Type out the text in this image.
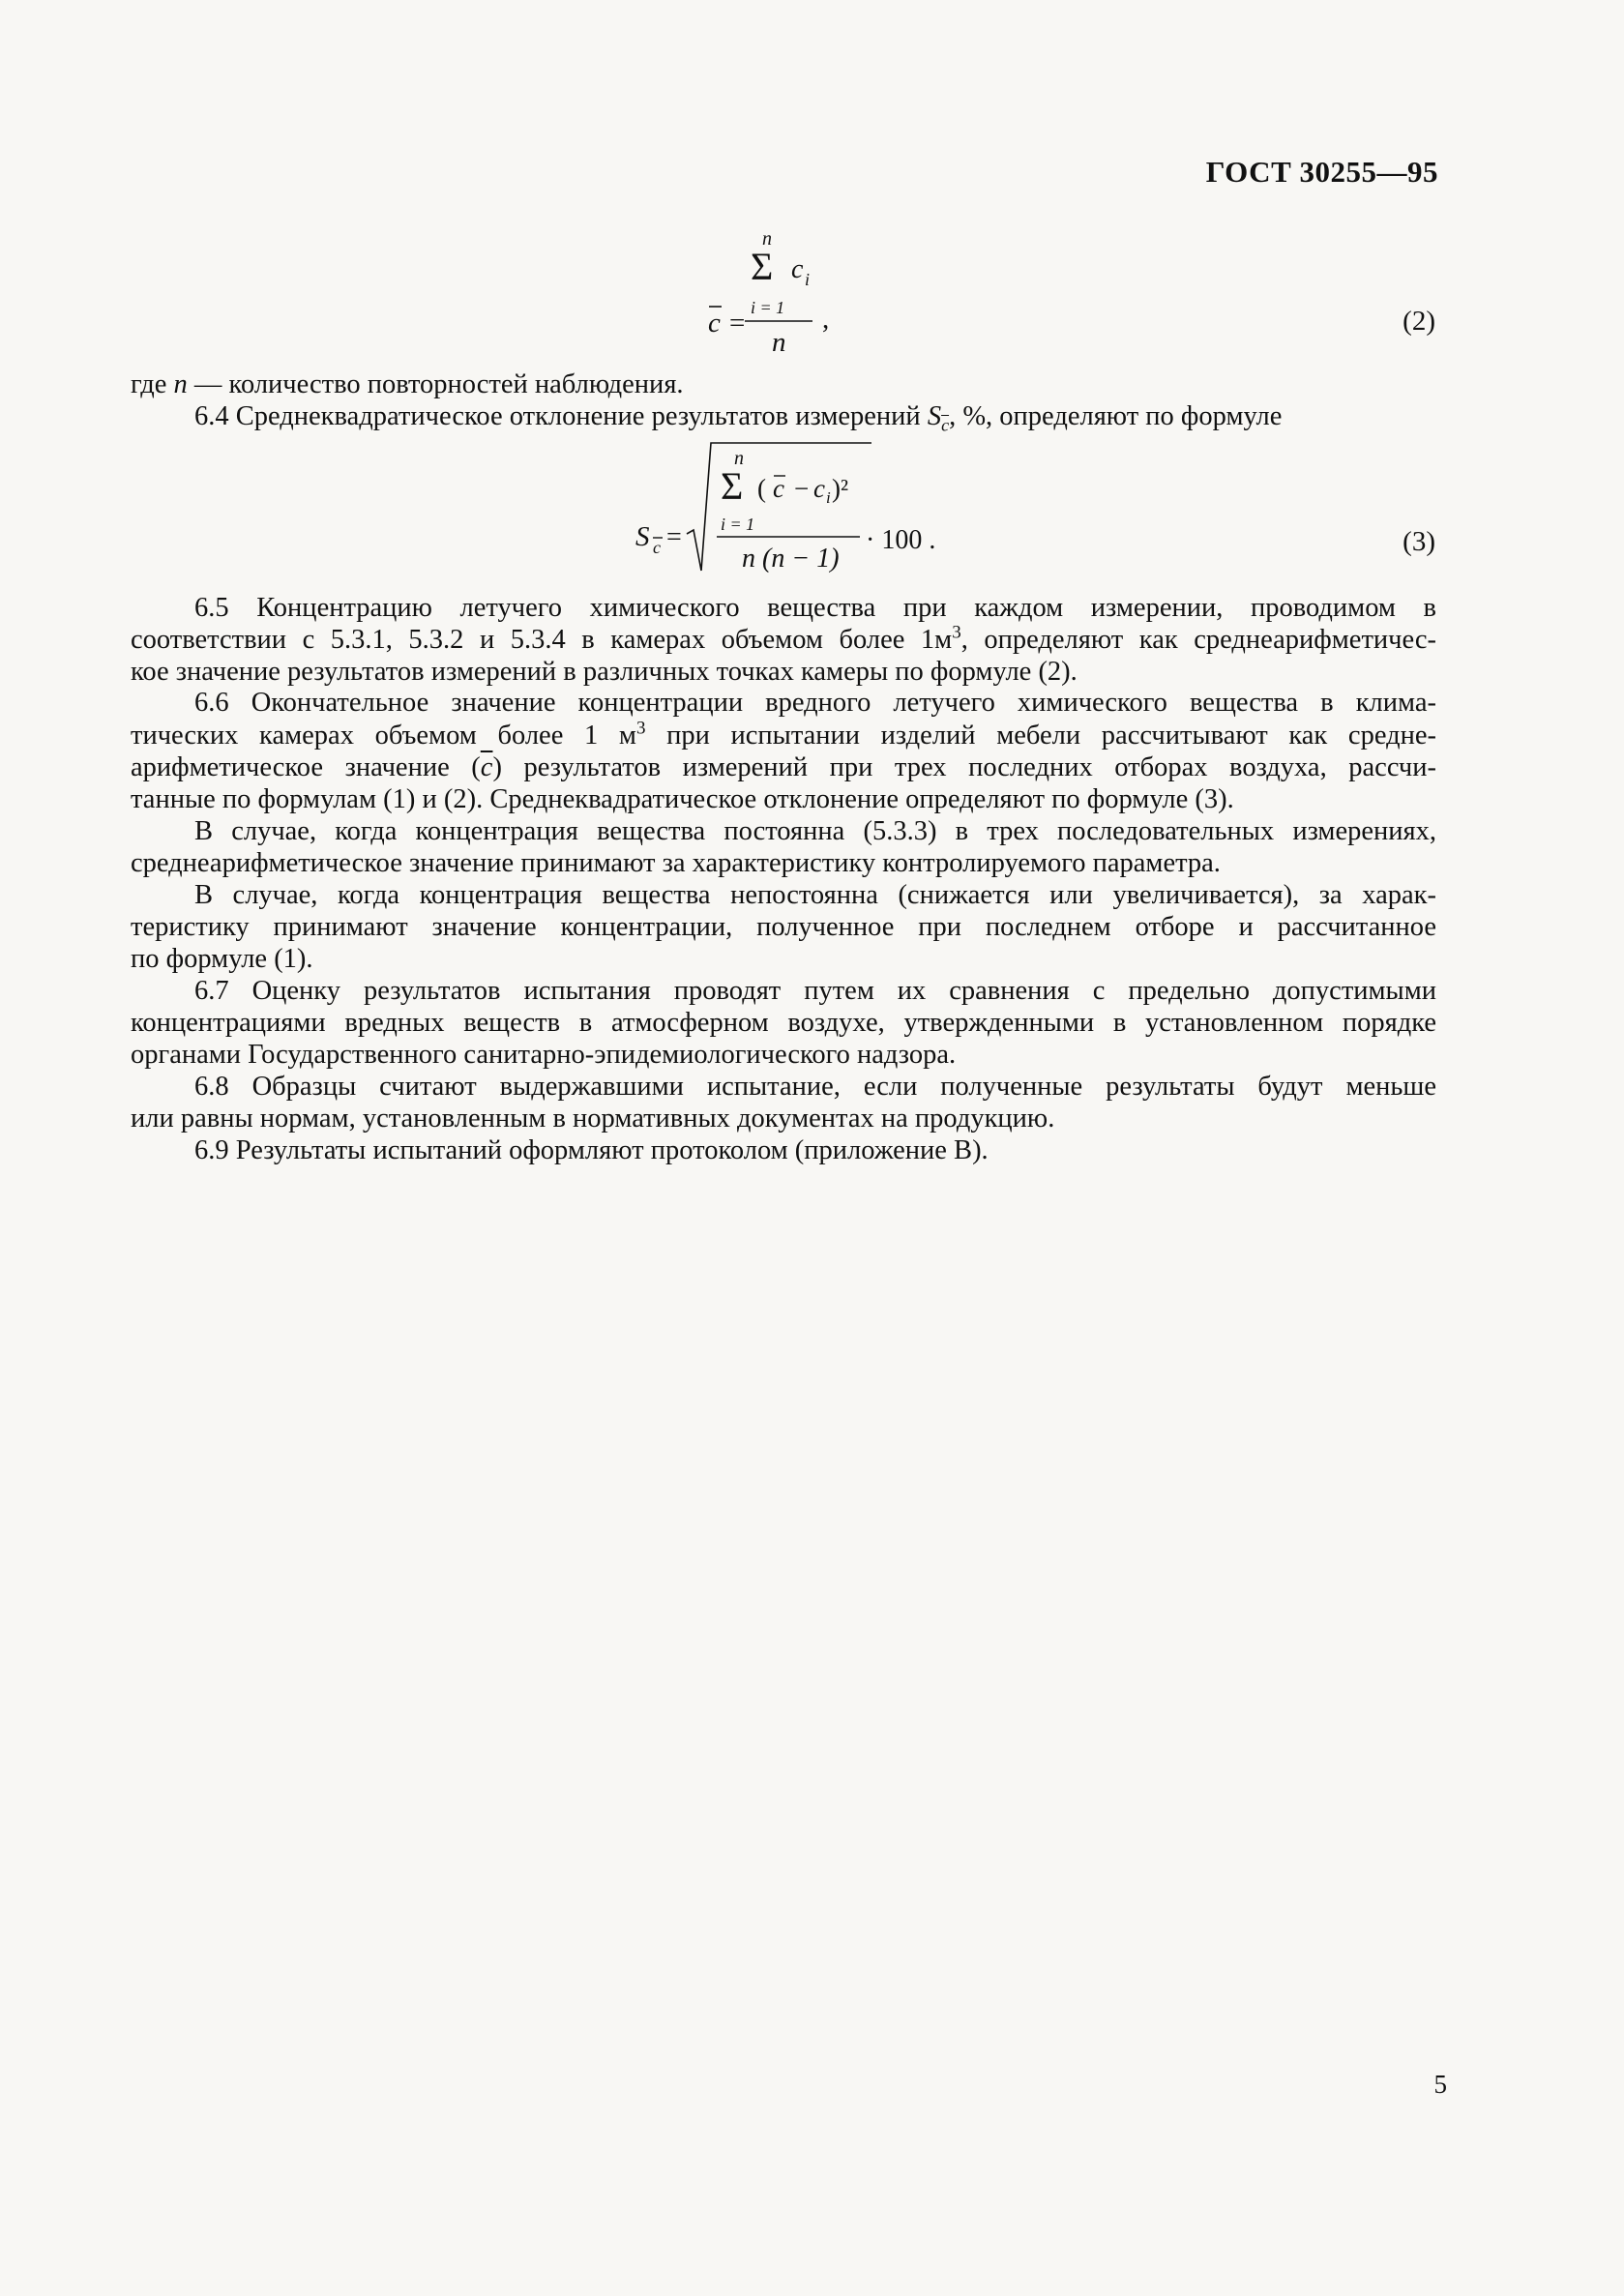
ГОСТ 30255—95
n
Σ c i
i = 1
c =
n
,	(2)
где n — количество повторностей наблюдения.
6.4 Среднеквадратическое отклонение результатов измерений $S_{\overline{c}}$, %, определяют по формуле
S c =
n
Σ ( c − c i )²
i = 1
n (n − 1)
· 100 .	(3)
6.5 Концентрацию летучего химического вещества при каждом измерении, проводимом в
соответствии с 5.3.1, 5.3.2 и 5.3.4 в камерах объемом более $1м^3$, определяют как среднеарифметичес-
кое значение результатов измерений в различных точках камеры по формуле (2).
6.6 Окончательное значение концентрации вредного летучего химического вещества в клима-
тических камерах объемом более 1 $м^3$ при испытании изделий мебели рассчитывают как средне-
арифметическое значение $(\overline{c})$ результатов измерений при трех последних отборах воздуха, рассчи-
танные по формулам (1) и (2). Среднеквадратическое отклонение определяют по формуле (3).
В случае, когда концентрация вещества постоянна (5.3.3) в трех последовательных измерениях,
среднеарифметическое значение принимают за характеристику контролируемого параметра.
В случае, когда концентрация вещества непостоянна (снижается или увеличивается), за харак-
теристику принимают значение концентрации, полученное при последнем отборе и рассчитанное
по формуле (1).
6.7 Оценку результатов испытания проводят путем их сравнения с предельно допустимыми
концентрациями вредных веществ в атмосферном воздухе, утвержденными в установленном порядке
органами Государственного санитарно-эпидемиологического надзора.
6.8 Образцы считают выдержавшими испытание, если полученные результаты будут меньше
или равны нормам, установленным в нормативных документах на продукцию.
6.9 Результаты испытаний оформляют протоколом (приложение В).
5
